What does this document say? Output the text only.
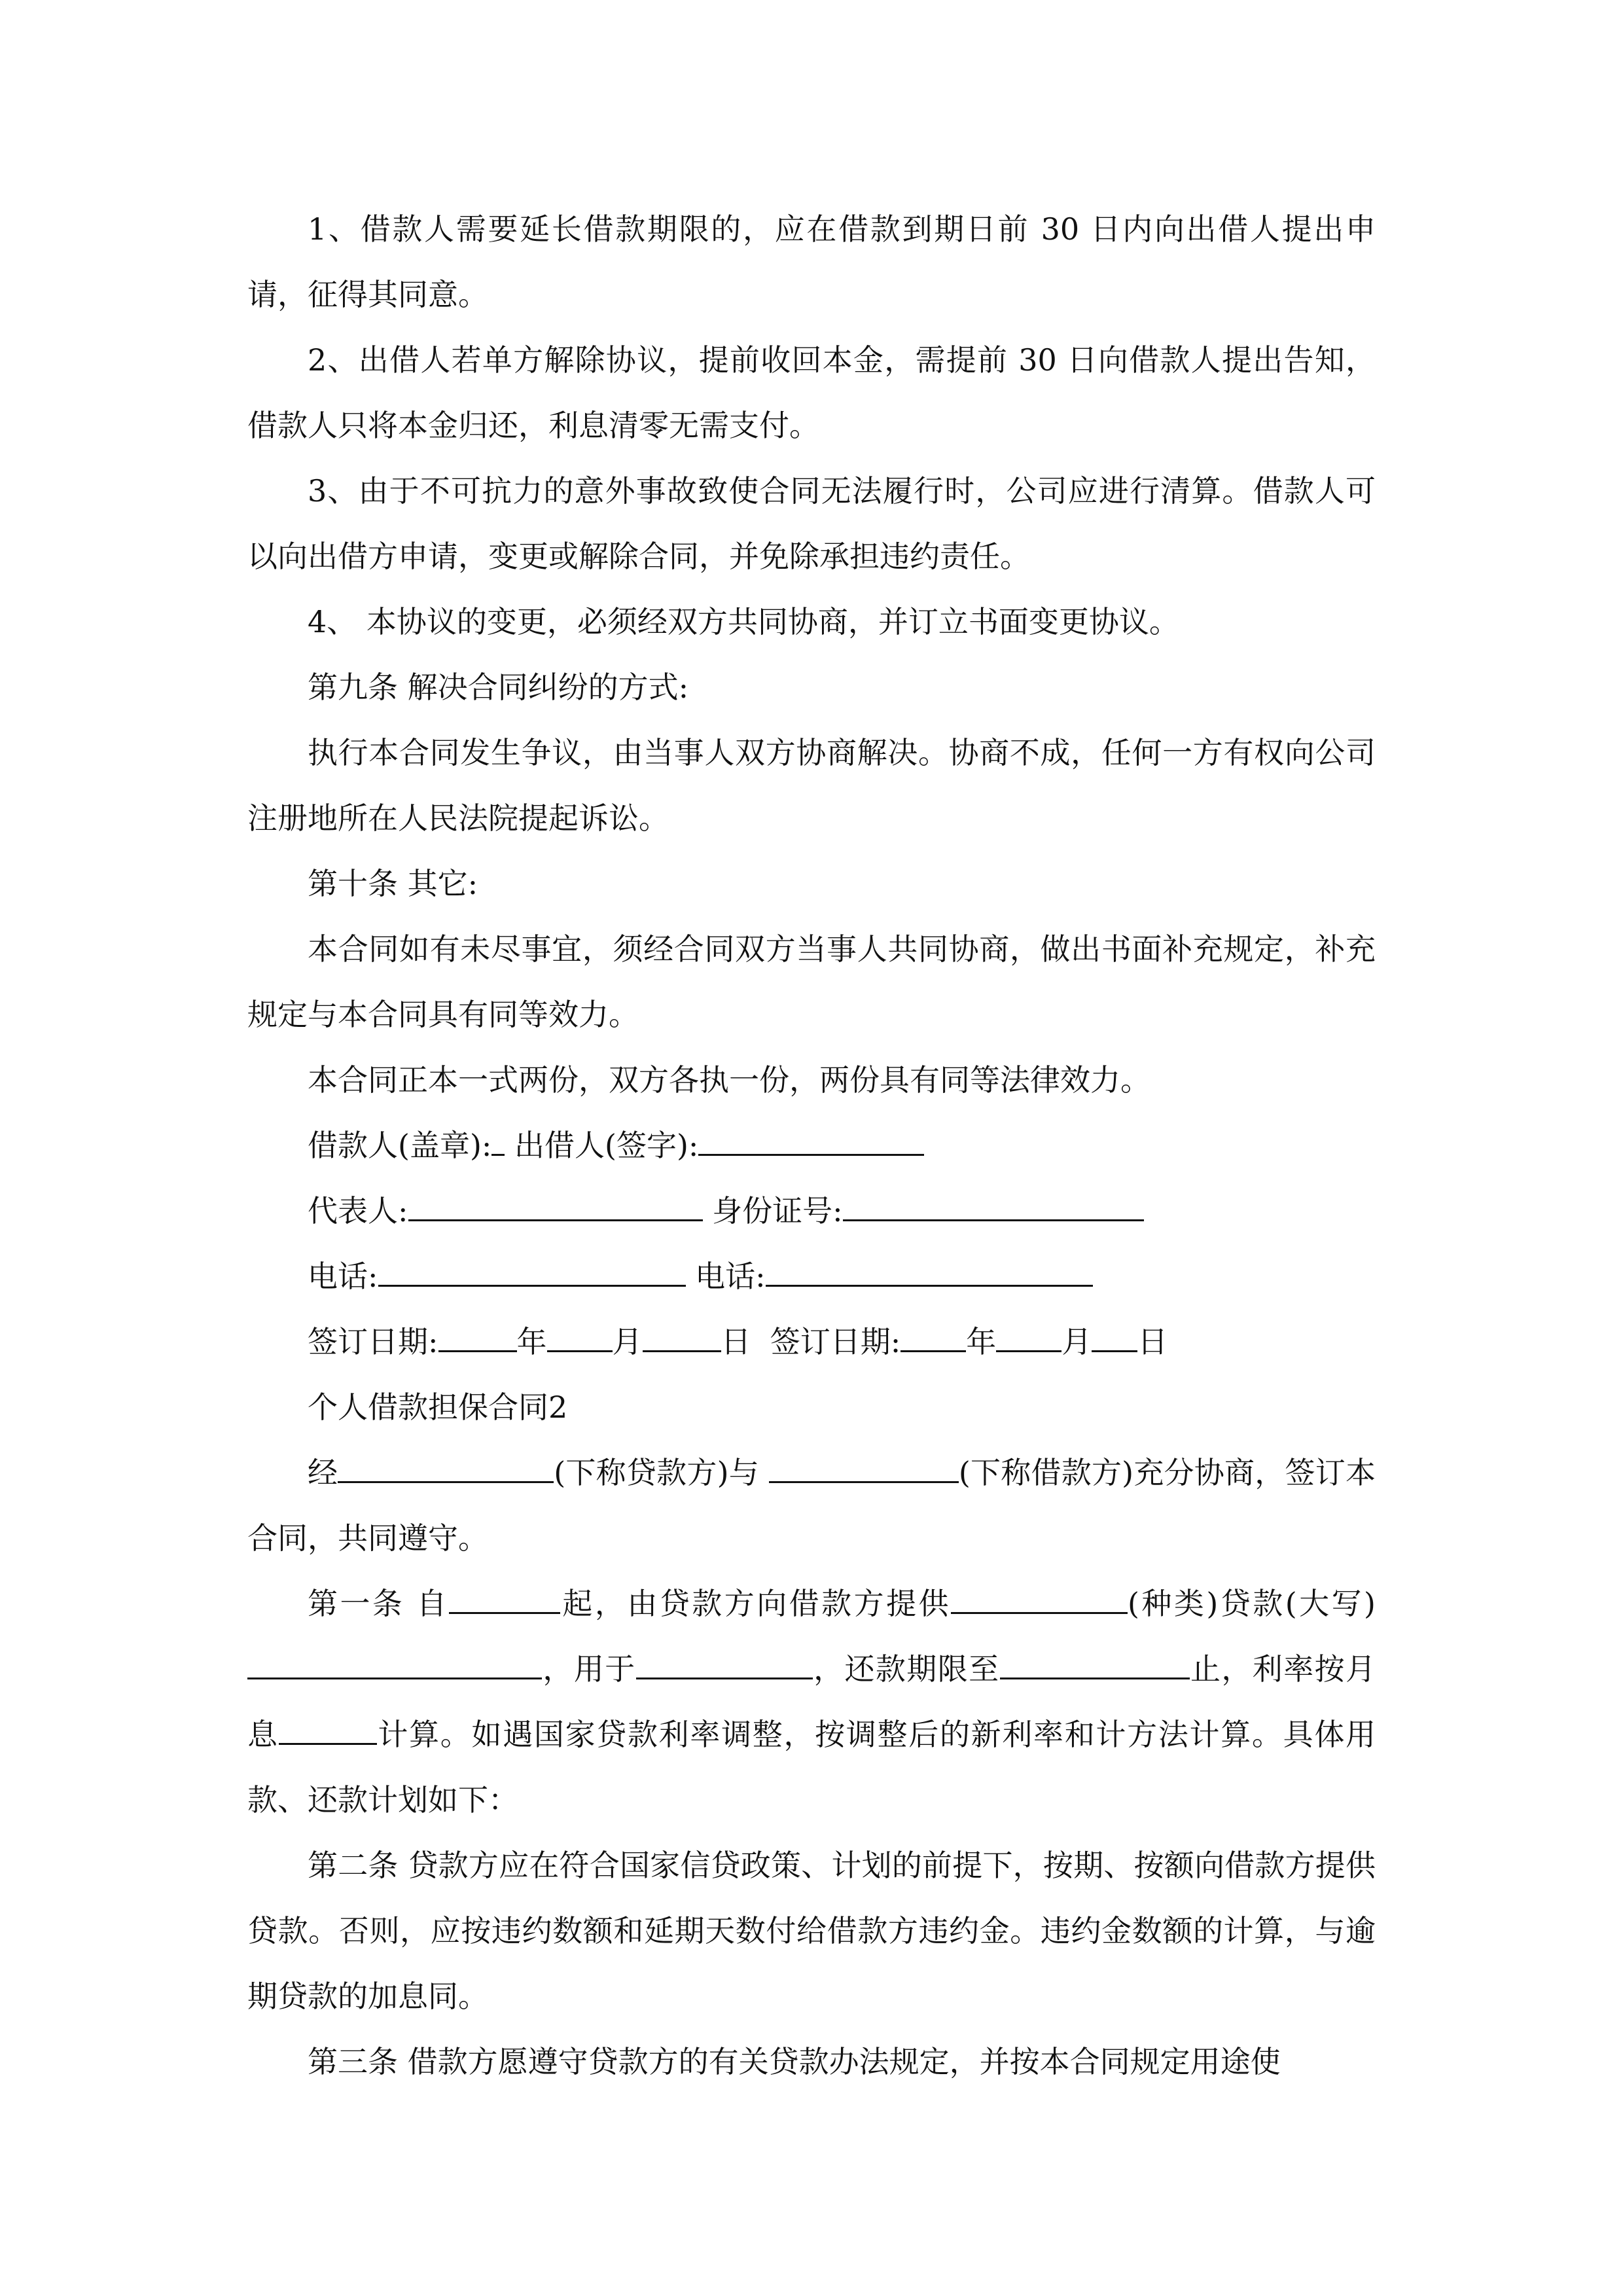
1、借款人需要延长借款期限的，应在借款到期日前 30 日内向出借人提出申请，征得其同意。

2、出借人若单方解除协议，提前收回本金，需提前 30 日向借款人提出告知，借款人只将本金归还，利息清零无需支付。

3、由于不可抗力的意外事故致使合同无法履行时，公司应进行清算。借款人可以向出借方申请，变更或解除合同，并免除承担违约责任。

4、 本协议的变更，必须经双方共同协商，并订立书面变更协议。

第九条 解决合同纠纷的方式:

执行本合同发生争议，由当事人双方协商解决。协商不成，任何一方有权向公司注册地所在人民法院提起诉讼。

第十条 其它:

本合同如有未尽事宜，须经合同双方当事人共同协商，做出书面补充规定，补充规定与本合同具有同等效力。

本合同正本一式两份，双方各执一份，两份具有同等法律效力。

借款人(盖章): 出借人(签字):

代表人:	身份证号:

电话:	电话:

签订日期:	年 月	日  签订日期: 年 月 日

个人借款担保合同2

经	(下称贷款方)与	(下称借款方)充分协商，签订本合同，共同遵守。

第一条 自	起，由贷款方向借款方提供	(种类)贷款(大写)，用于	，还款期限至	止，利率按月息	计算。如遇国家贷款利率调整，按调整后的新利率和计方法计算。具体用款、还款计划如下：

第二条 贷款方应在符合国家信贷政策、计划的前提下，按期、按额向借款方提供贷款。否则，应按违约数额和延期天数付给借款方违约金。违约金数额的计算，与逾期贷款的加息同。

第三条 借款方愿遵守贷款方的有关贷款办法规定，并按本合同规定用途使
